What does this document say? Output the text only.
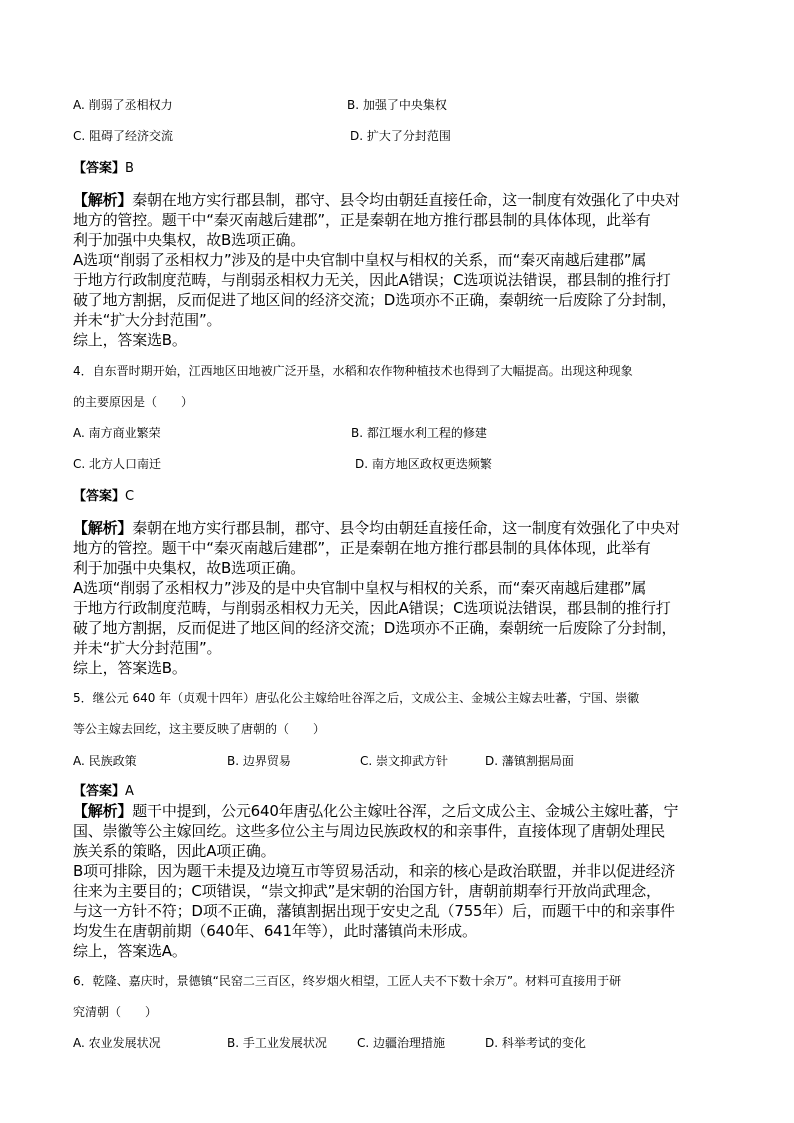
A. 削弱了丞相权力	B. 加强了中央集权
C. 阻碍了经济交流	D. 扩大了分封范围
【答案】B
【解析】秦朝在地方实行郡县制，郡守、县令均由朝廷直接任命，这一制度有效强化了中央对
地方的管控。题干中“秦灭南越后建郡”，正是秦朝在地方推行郡县制的具体体现，此举有
利于加强中央集权，故B选项正确。
A选项“削弱了丞相权力”涉及的是中央官制中皇权与相权的关系，而“秦灭南越后建郡”属
于地方行政制度范畴，与削弱丞相权力无关，因此A错误；C选项说法错误，郡县制的推行打
破了地方割据，反而促进了地区间的经济交流；D选项亦不正确，秦朝统一后废除了分封制，
并未“扩大分封范围”。
综上，答案选B。
4．自东晋时期开始，江西地区田地被广泛开垦，水稻和农作物种植技术也得到了大幅提高。出现这种现象
的主要原因是（　　）
A. 南方商业繁荣	B. 都江堰水利工程的修建
C. 北方人口南迁	D. 南方地区政权更迭频繁
【答案】C
【解析】秦朝在地方实行郡县制，郡守、县令均由朝廷直接任命，这一制度有效强化了中央对
地方的管控。题干中“秦灭南越后建郡”，正是秦朝在地方推行郡县制的具体体现，此举有
利于加强中央集权，故B选项正确。
A选项“削弱了丞相权力”涉及的是中央官制中皇权与相权的关系，而“秦灭南越后建郡”属
于地方行政制度范畴，与削弱丞相权力无关，因此A错误；C选项说法错误，郡县制的推行打
破了地方割据，反而促进了地区间的经济交流；D选项亦不正确，秦朝统一后废除了分封制，
并未“扩大分封范围”。
综上，答案选B。
5．继公元 640 年（贞观十四年）唐弘化公主嫁给吐谷浑之后，文成公主、金城公主嫁去吐蕃，宁国、崇徽
等公主嫁去回纥，这主要反映了唐朝的（　　）
A. 民族政策	B. 边界贸易	C. 崇文抑武方针	D. 藩镇割据局面
【答案】A
【解析】题干中提到，公元640年唐弘化公主嫁吐谷浑，之后文成公主、金城公主嫁吐蕃，宁
国、崇徽等公主嫁回纥。这些多位公主与周边民族政权的和亲事件，直接体现了唐朝处理民
族关系的策略，因此A项正确。
B项可排除，因为题干未提及边境互市等贸易活动，和亲的核心是政治联盟，并非以促进经济
往来为主要目的；C项错误，“崇文抑武”是宋朝的治国方针，唐朝前期奉行开放尚武理念，
与这一方针不符；D项不正确，藩镇割据出现于安史之乱（755年）后，而题干中的和亲事件
均发生在唐朝前期（640年、641年等），此时藩镇尚未形成。
综上，答案选A。
6．乾隆、嘉庆时，景德镇“民窑二三百区，终岁烟火相望，工匠人夫不下数十余万”。材料可直接用于研
究清朝（　　）
A. 农业发展状况	B. 手工业发展状况	C. 边疆治理措施	D. 科举考试的变化
